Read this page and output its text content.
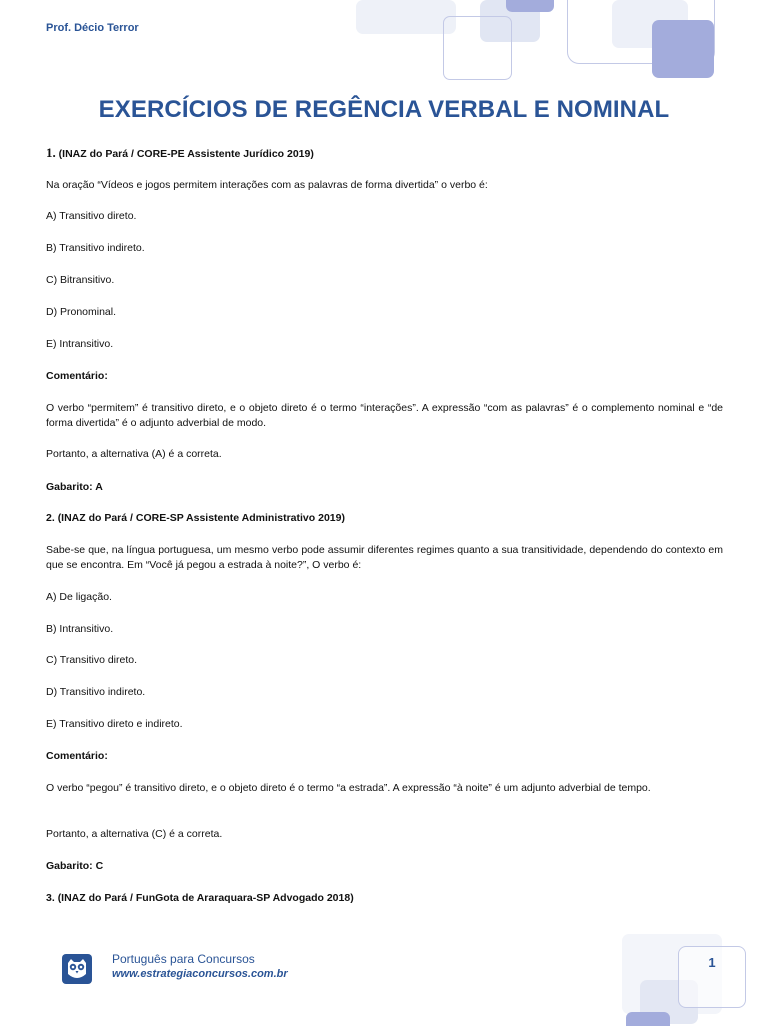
Prof. Décio Terror
EXERCÍCIOS DE REGÊNCIA VERBAL E NOMINAL

1. (INAZ do Pará / CORE-PE Assistente Jurídico 2019)

Na oração “Vídeos e jogos permitem interações com as palavras de forma divertida” o verbo é:

A) Transitivo direto.

B) Transitivo indireto.

C) Bitransitivo.

D) Pronominal.

E) Intransitivo.

Comentário:

O verbo “permitem” é transitivo direto, e o objeto direto é o termo “interações”. A expressão “com as palavras” é o complemento nominal e “de forma divertida” é o adjunto adverbial de modo.

Portanto, a alternativa (A) é a correta.

Gabarito: A

2. (INAZ do Pará / CORE-SP Assistente Administrativo 2019)

Sabe-se que, na língua portuguesa, um mesmo verbo pode assumir diferentes regimes quanto a sua transitividade, dependendo do contexto em que se encontra. Em “Você já pegou a estrada à noite?”, O verbo é:

A) De ligação.

B) Intransitivo.

C) Transitivo direto.

D) Transitivo indireto.

E) Transitivo direto e indireto.

Comentário:

O verbo “pegou” é transitivo direto, e o objeto direto é o termo “a estrada”. A expressão “à noite” é um adjunto adverbial de tempo.

Portanto, a alternativa (C) é a correta.

Gabarito: C

3. (INAZ do Pará / FunGota de Araraquara-SP Advogado 2018)

Português para Concursos
www.estrategiaconcursos.com.br
1
